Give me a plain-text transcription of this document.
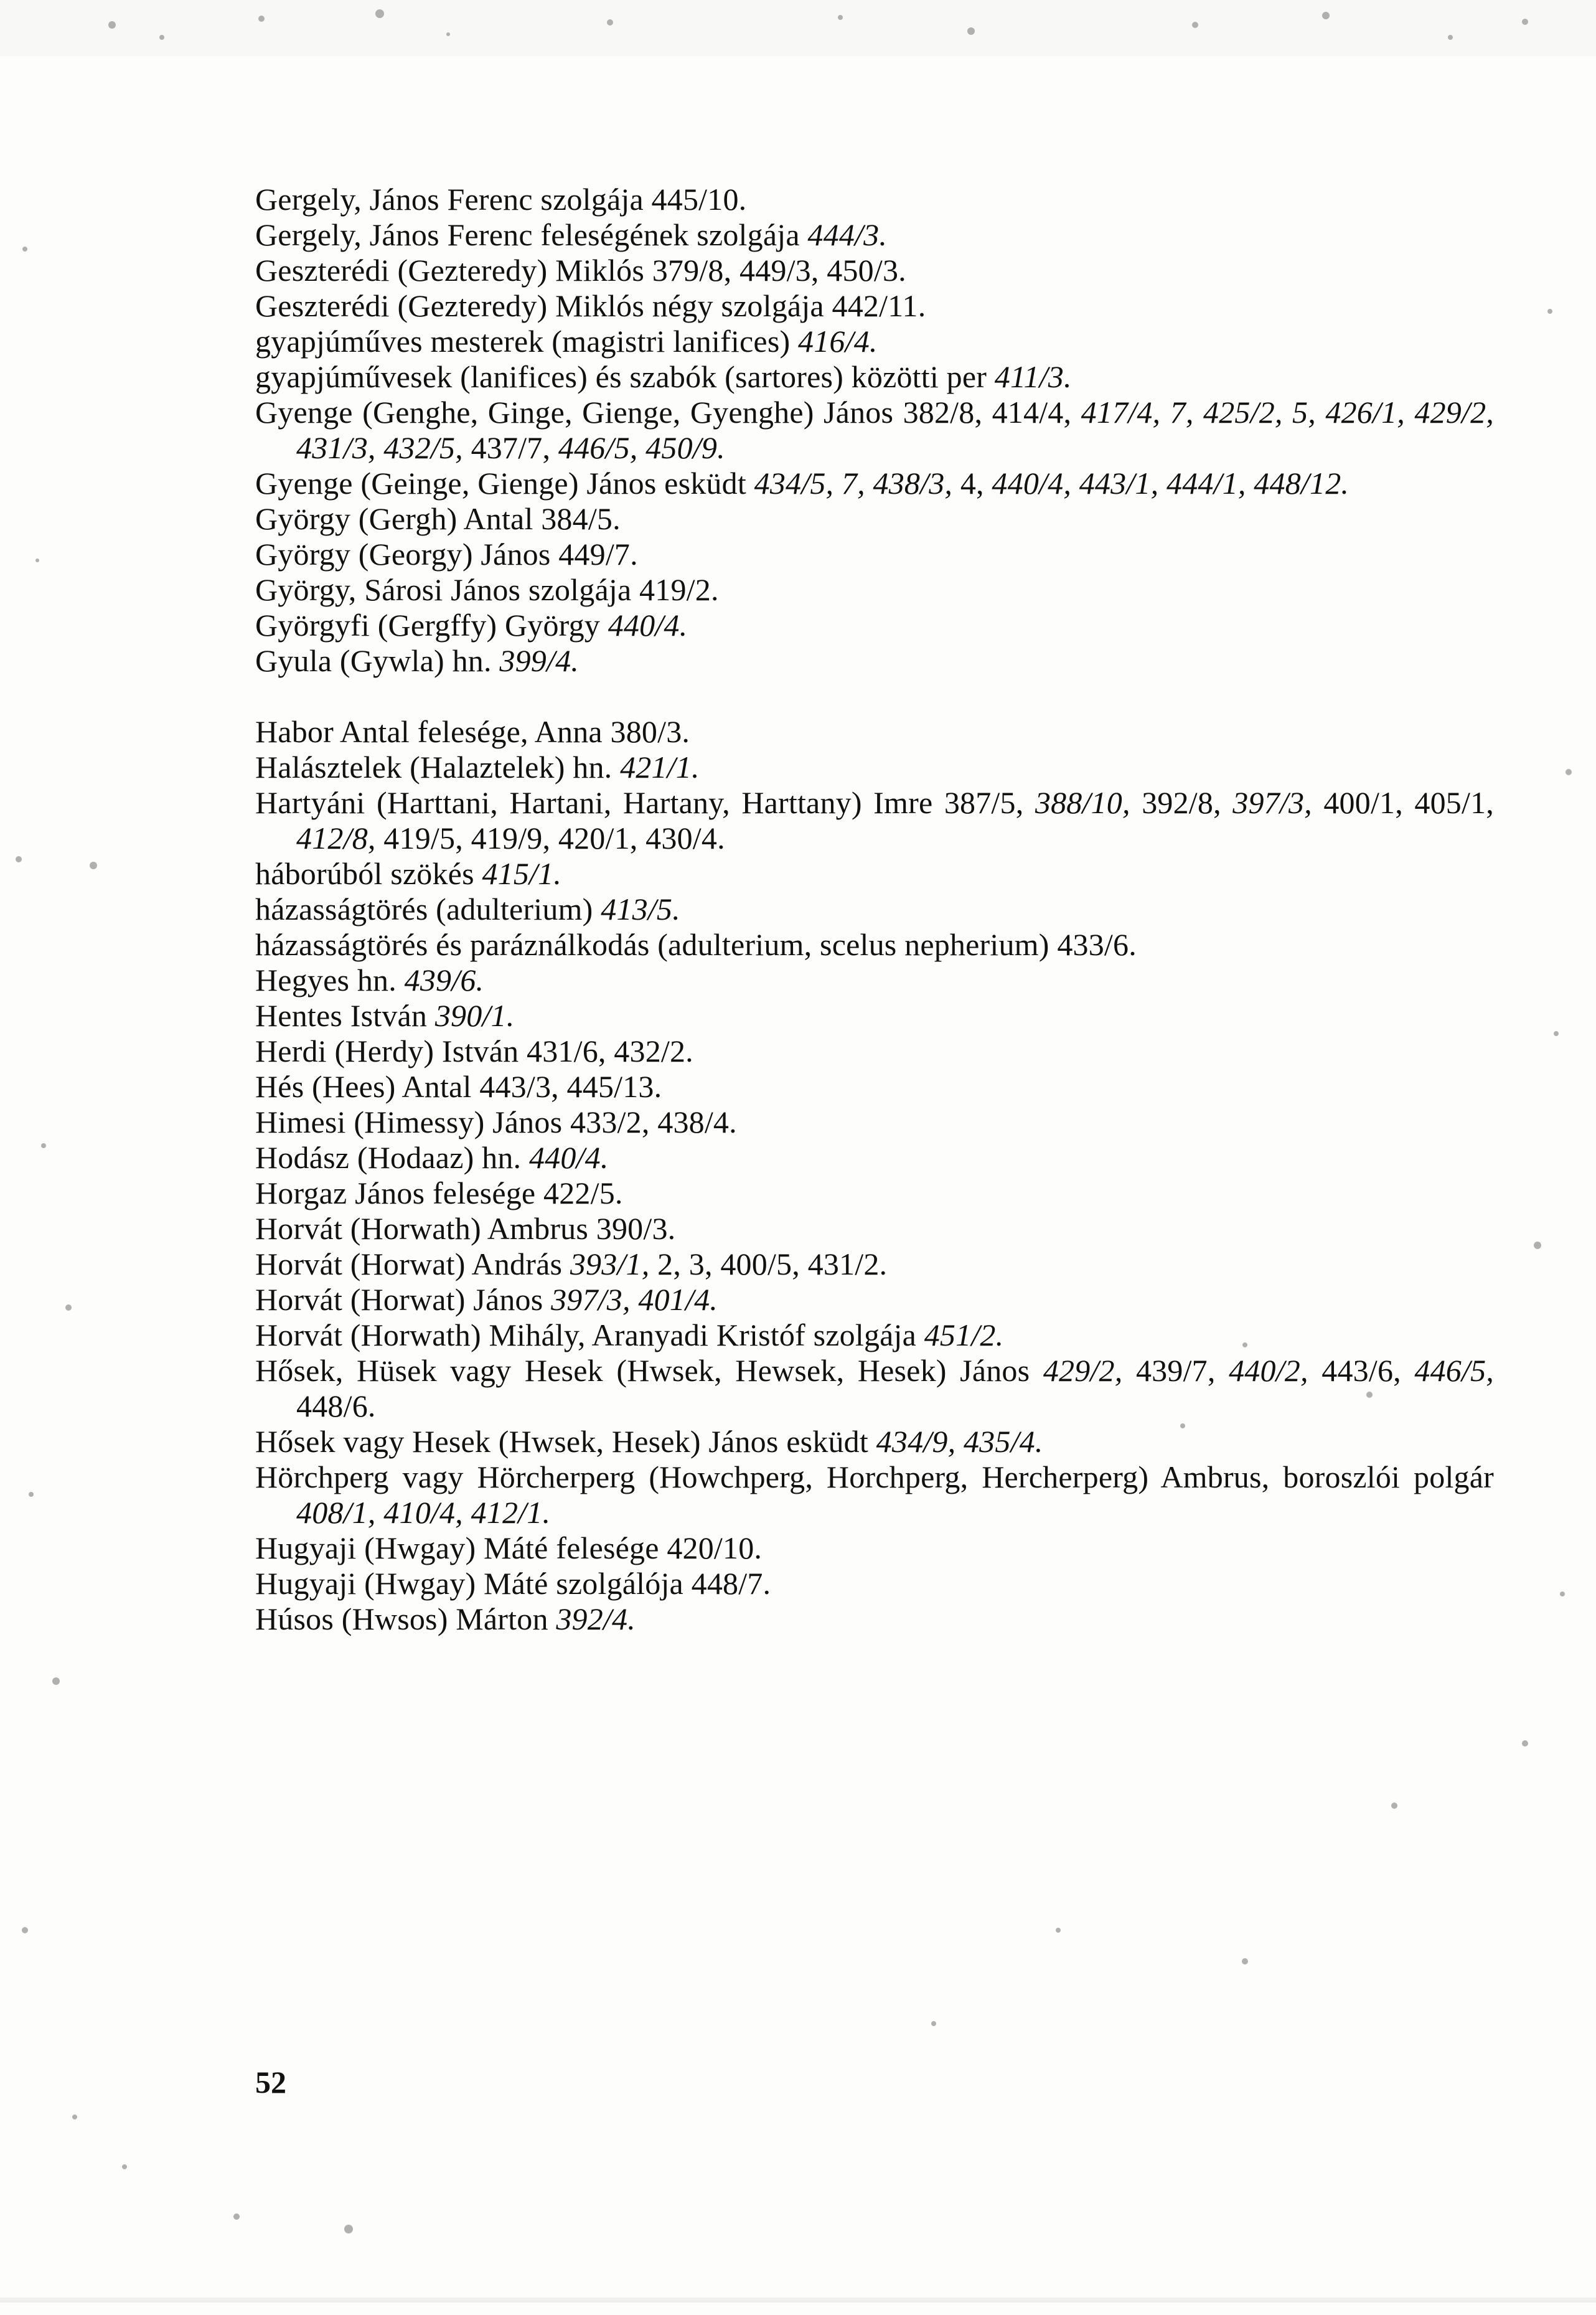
Gergely, János Ferenc szolgája 445/10.
Gergely, János Ferenc feleségének szolgája 444/3.
Geszterédi (Gezteredy) Miklós 379/8, 449/3, 450/3.
Geszterédi (Gezteredy) Miklós négy szolgája 442/11.
gyapjúműves mesterek (magistri lanifices) 416/4.
gyapjúművesek (lanifices) és szabók (sartores) közötti per 411/3.
Gyenge (Genghe, Ginge, Gienge, Gyenghe) János 382/8, 414/4, 417/4, 7, 425/2, 5, 426/1, 429/2, 431/3, 432/5, 437/7, 446/5, 450/9.
Gyenge (Geinge, Gienge) János esküdt 434/5, 7, 438/3, 4, 440/4, 443/1, 444/1, 448/12.
György (Gergh) Antal 384/5.
György (Georgy) János 449/7.
György, Sárosi János szolgája 419/2.
Györgyfi (Gergffy) György 440/4.
Gyula (Gywla) hn. 399/4.
Habor Antal felesége, Anna 380/3.
Halásztelek (Halaztelek) hn. 421/1.
Hartyáni (Harttani, Hartani, Hartany, Harttany) Imre 387/5, 388/10, 392/8, 397/3, 400/1, 405/1, 412/8, 419/5, 419/9, 420/1, 430/4.
háborúból szökés 415/1.
házasságtörés (adulterium) 413/5.
házasságtörés és paráználkodás (adulterium, scelus nepherium) 433/6.
Hegyes hn. 439/6.
Hentes István 390/1.
Herdi (Herdy) István 431/6, 432/2.
Hés (Hees) Antal 443/3, 445/13.
Himesi (Himessy) János 433/2, 438/4.
Hodász (Hodaaz) hn. 440/4.
Horgaz János felesége 422/5.
Horvát (Horwath) Ambrus 390/3.
Horvát (Horwat) András 393/1, 2, 3, 400/5, 431/2.
Horvát (Horwat) János 397/3, 401/4.
Horvát (Horwath) Mihály, Aranyadi Kristóf szolgája 451/2.
Hősek, Hüsek vagy Hesek (Hwsek, Hewsek, Hesek) János 429/2, 439/7, 440/2, 443/6, 446/5, 448/6.
Hősek vagy Hesek (Hwsek, Hesek) János esküdt 434/9, 435/4.
Hörchperg vagy Hörcherperg (Howchperg, Horchperg, Hercherperg) Ambrus, boroszlói polgár 408/1, 410/4, 412/1.
Hugyaji (Hwgay) Máté felesége 420/10.
Hugyaji (Hwgay) Máté szolgálója 448/7.
Húsos (Hwsos) Márton 392/4.
52
